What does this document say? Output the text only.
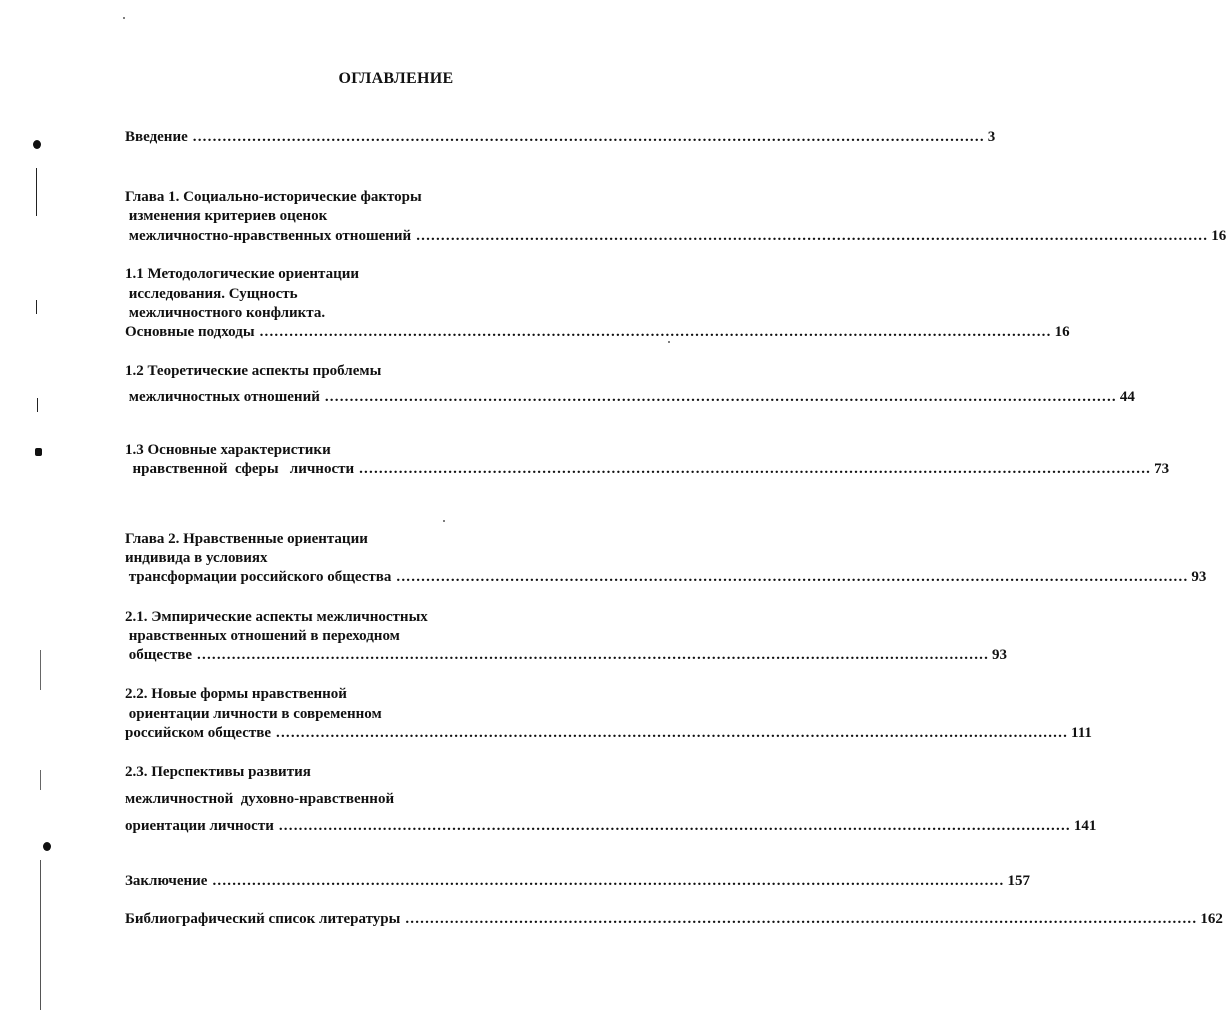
ОГЛАВЛЕНИЕ
Введение ................................................................................................................................................................ 3
Глава 1. Социально-исторические факторы
изменения критериев оценок
межличностно-нравственных отношений ................................................................................................................................................................ 16
1.1 Методологические ориентации
исследования. Сущность
межличностного конфликта.
Основные подходы ................................................................................................................................................................ 16
1.2 Теоретические аспекты проблемы
межличностных отношений ................................................................................................................................................................ 44
1.3 Основные характеристики
нравственной  сферы   личности ................................................................................................................................................................ 73
Глава 2. Нравственные ориентации
индивида в условиях
трансформации российского общества ................................................................................................................................................................ 93
2.1. Эмпирические аспекты межличностных
нравственных отношений в переходном
обществе ................................................................................................................................................................ 93
2.2. Новые формы нравственной
ориентации личности в современном
российском обществе ................................................................................................................................................................ 111
2.3. Перспективы развития
межличностной  духовно-нравственной
ориентации личности ................................................................................................................................................................ 141
Заключение ................................................................................................................................................................ 157
Библиографический список литературы ................................................................................................................................................................ 162
